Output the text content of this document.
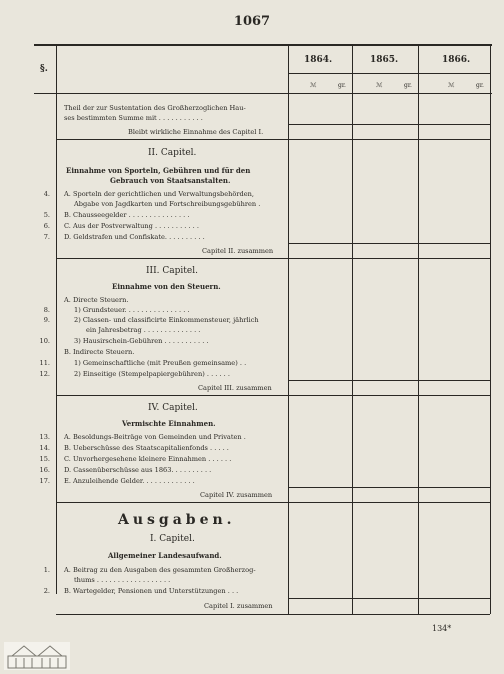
1067
§.
1864.	1865.	1866.
ℳ	gr.	ℳ	gr.	ℳ	gr.
Theil der zur Sustentation des Großherzoglichen Hau-
ses bestimmten Summe mit . . . . . . . . . . .
Bleibt wirkliche Einnahme des Capitel I.
II. Capitel.
Einnahme von Sporteln, Gebühren und für den
Gebrauch von Staatsanstalten.
4. A. Sporteln der gerichtlichen und Verwaltungsbehörden,
Abgabe von Jagdkarten und Fortschreibungsgebühren .
5. B. Chausseegelder . . . . . . . . . . . . . . .
6. C. Aus der Postverwaltung . . . . . . . . . . .
7. D. Geldstrafen und Confiskate. . . . . . . . . .
Capitel II. zusammen
III. Capitel.
Einnahme von den Steuern.
A. Directe Steuern.
8.	1) Grundsteuer. . . . . . . . . . . . . . . .
9.	2) Classen- und classificirte Einkommensteuer, jährlich
ein Jahresbetrag . . . . . . . . . . . . . .
10.	3) Hausirschein-Gebühren . . . . . . . . . . .
B. Indirecte Steuern.
11.	1) Gemeinschaftliche (mit Preußen gemeinsame) . .
12.	2) Einseitige (Stempelpapiergebühren) . . . . . .
Capitel III. zusammen
IV. Capitel.
Vermischte Einnahmen.
13. A. Besoldungs-Beiträge von Gemeinden und Privaten .
14. B. Ueberschüsse des Staatscapitalienfonds . . . . .
15. C. Unvorhergesehene kleinere Einnahmen . . . . . .
16. D. Cassenüberschüsse aus 1863. . . . . . . . . .
17. E. Anzuleihende Gelder. . . . . . . . . . . . .
Capitel IV. zusammen
Ausgaben.
I. Capitel.
Allgemeiner Landesaufwand.
1. A. Beitrag zu den Ausgaben des gesammten Großherzog-
thums . . . . . . . . . . . . . . . . . .
2. B. Wartegelder, Pensionen und Unterstützungen . . .
Capitel I. zusammen
134*
